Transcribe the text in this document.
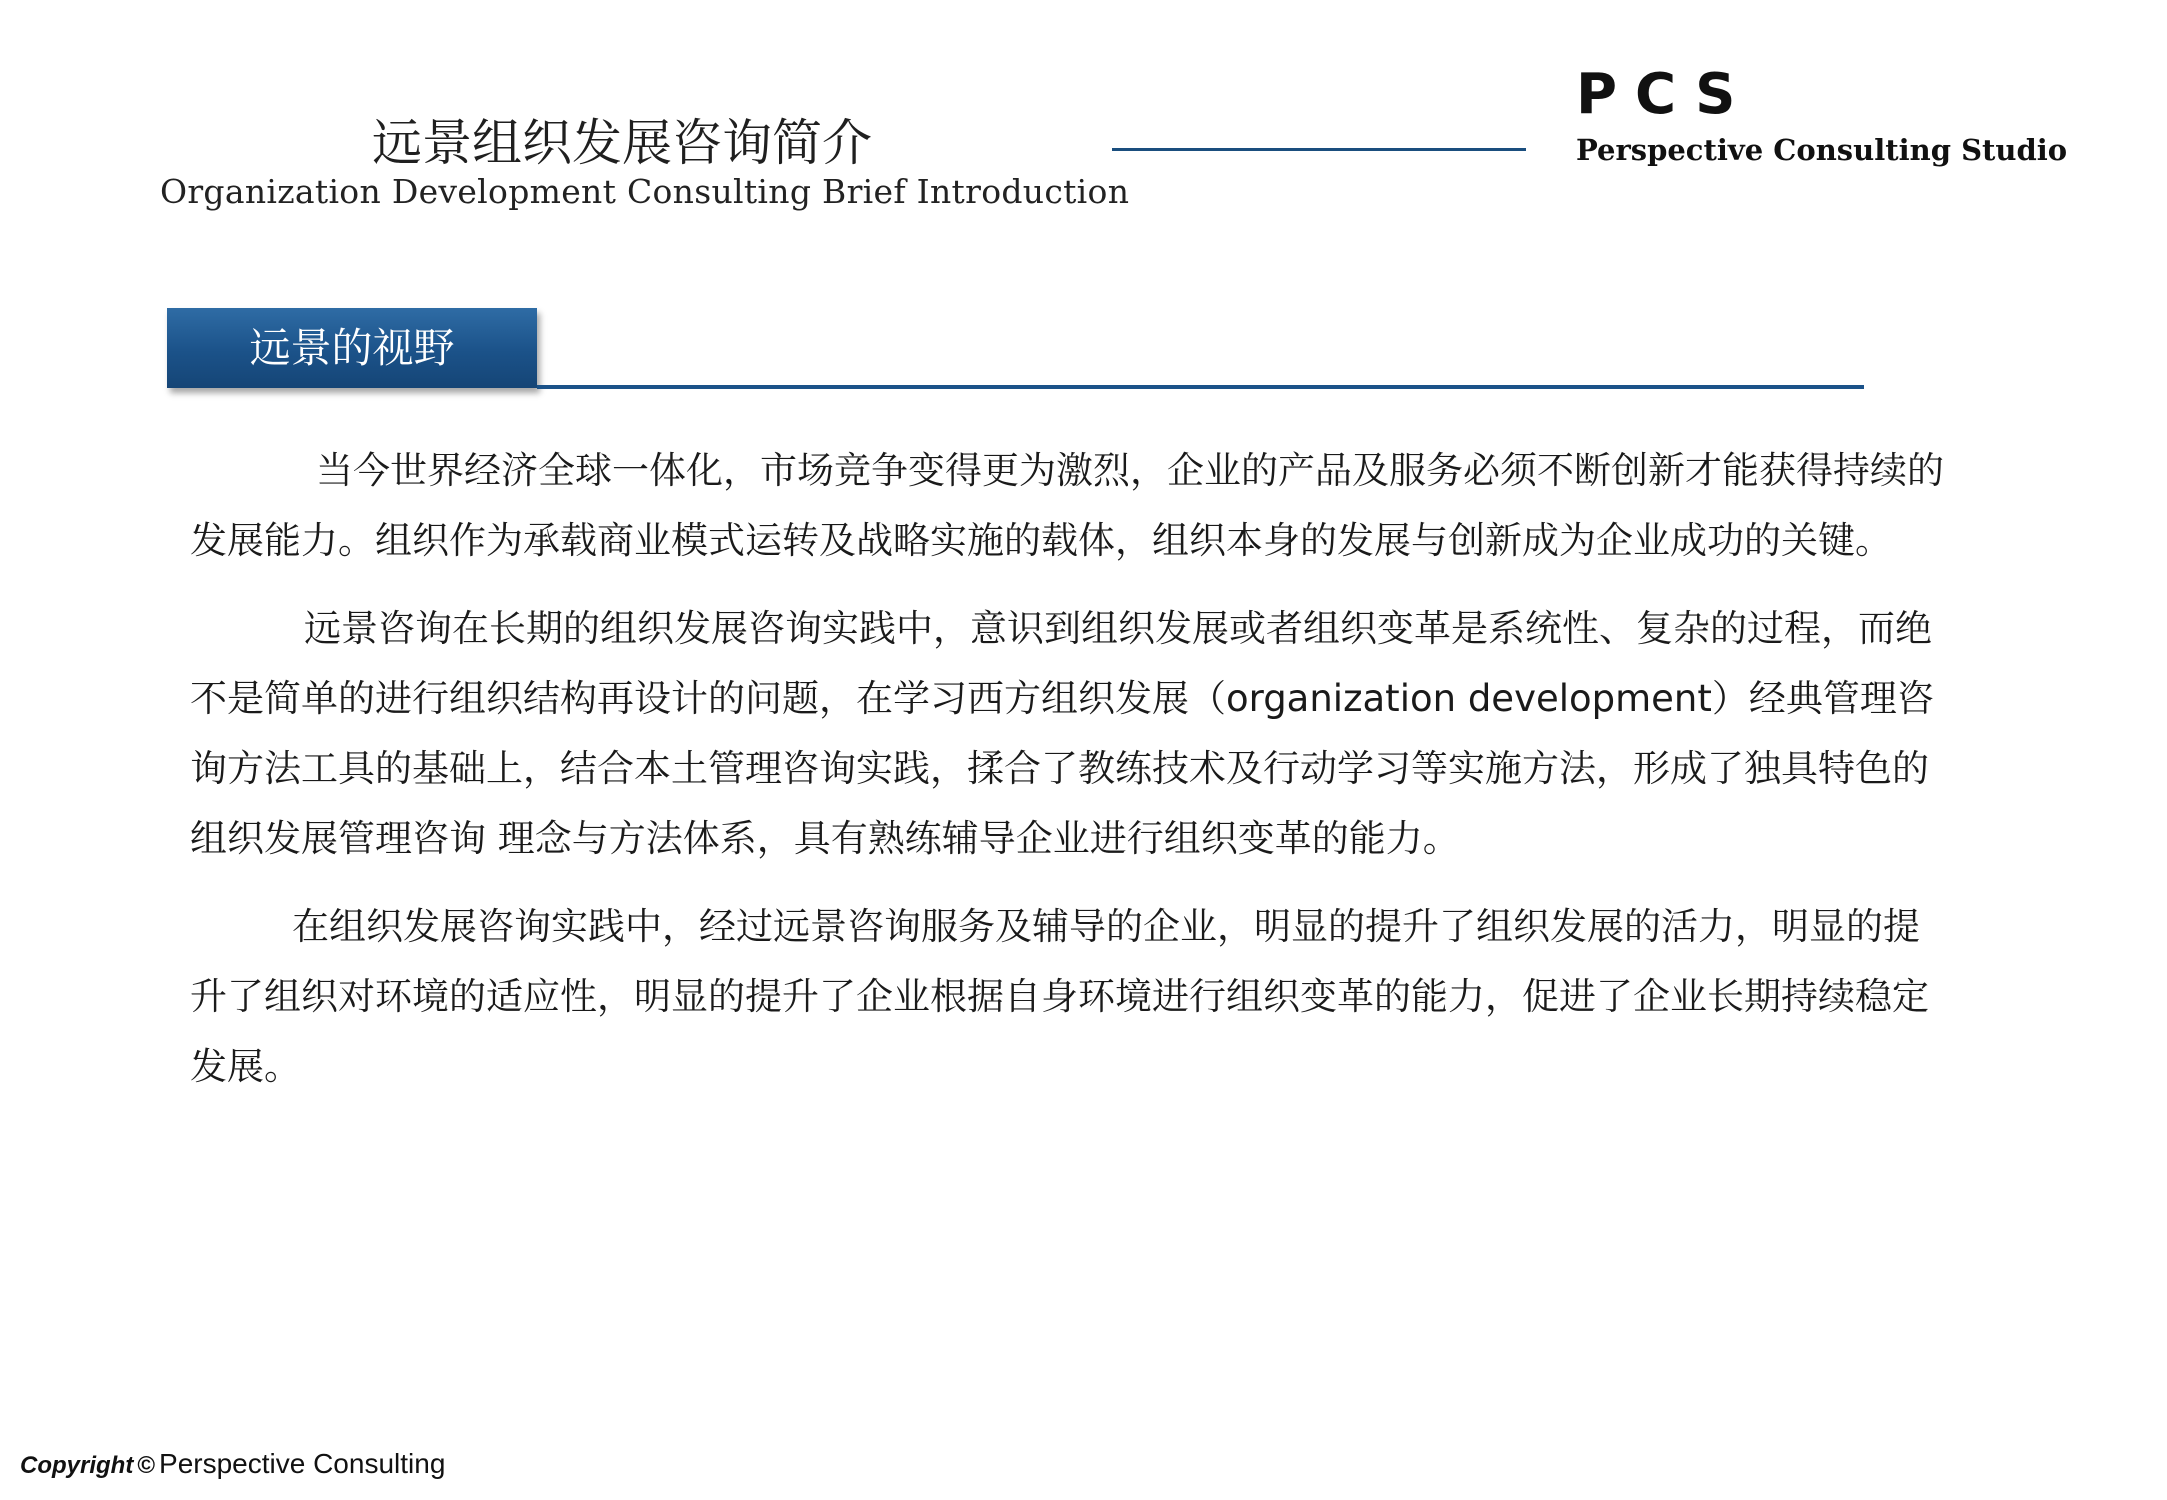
远景组织发展咨询简介
Organization Development Consulting Brief Introduction
PCS
Perspective Consulting Studio
远景的视野

当今世界经济全球一体化，市场竞争变得更为激烈，企业的产品及服务必须不断创新才能获得持续的发展能力。组织作为承载商业模式运转及战略实施的载体，组织本身的发展与创新成为企业成功的关键。

远景咨询在长期的组织发展咨询实践中，意识到组织发展或者组织变革是系统性、复杂的过程，而绝不是简单的进行组织结构再设计的问题，在学习西方组织发展（organization development）经典管理咨询方法工具的基础上，结合本土管理咨询实践，揉合了教练技术及行动学习等实施方法，形成了独具特色的组织发展管理咨询 理念与方法体系，具有熟练辅导企业进行组织变革的能力。

在组织发展咨询实践中，经过远景咨询服务及辅导的企业，明显的提升了组织发展的活力，明显的提升了组织对环境的适应性，明显的提升了企业根据自身环境进行组织变革的能力，促进了企业长期持续稳定发展。

Copyright © Perspective Consulting
